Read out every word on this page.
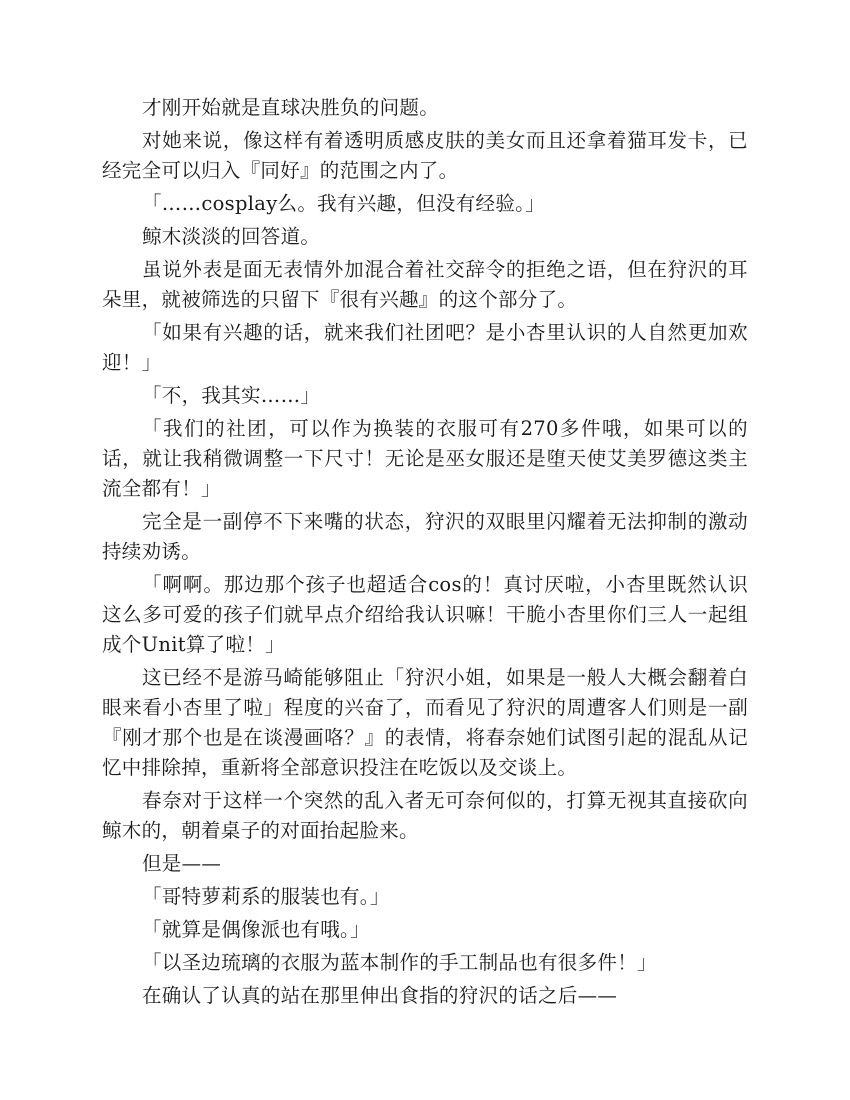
才刚开始就是直球决胜负的问题。

对她来说，像这样有着透明质感皮肤的美女而且还拿着猫耳发卡，已经完全可以归入『同好』的范围之内了。

「……cosplay么。我有兴趣，但没有经验。」

鲸木淡淡的回答道。

虽说外表是面无表情外加混合着社交辞令的拒绝之语，但在狩沢的耳朵里，就被筛选的只留下『很有兴趣』的这个部分了。

「如果有兴趣的话，就来我们社团吧？是小杏里认识的人自然更加欢迎！」

「不，我其实……」

「我们的社团，可以作为换装的衣服可有270多件哦，如果可以的话，就让我稍微调整一下尺寸！无论是巫女服还是堕天使艾美罗德这类主流全都有！」

完全是一副停不下来嘴的状态，狩沢的双眼里闪耀着无法抑制的激动持续劝诱。

「啊啊。那边那个孩子也超适合cos的！真讨厌啦，小杏里既然认识这么多可爱的孩子们就早点介绍给我认识嘛！干脆小杏里你们三人一起组成个Unit算了啦！」

这已经不是游马崎能够阻止「狩沢小姐，如果是一般人大概会翻着白眼来看小杏里了啦」程度的兴奋了，而看见了狩沢的周遭客人们则是一副『刚才那个也是在谈漫画咯？』的表情，将春奈她们试图引起的混乱从记忆中排除掉，重新将全部意识投注在吃饭以及交谈上。

春奈对于这样一个突然的乱入者无可奈何似的，打算无视其直接砍向鲸木的，朝着桌子的对面抬起脸来。

但是——

「哥特萝莉系的服装也有。」

「就算是偶像派也有哦。」

「以圣边琉璃的衣服为蓝本制作的手工制品也有很多件！」

在确认了认真的站在那里伸出食指的狩沢的话之后——
